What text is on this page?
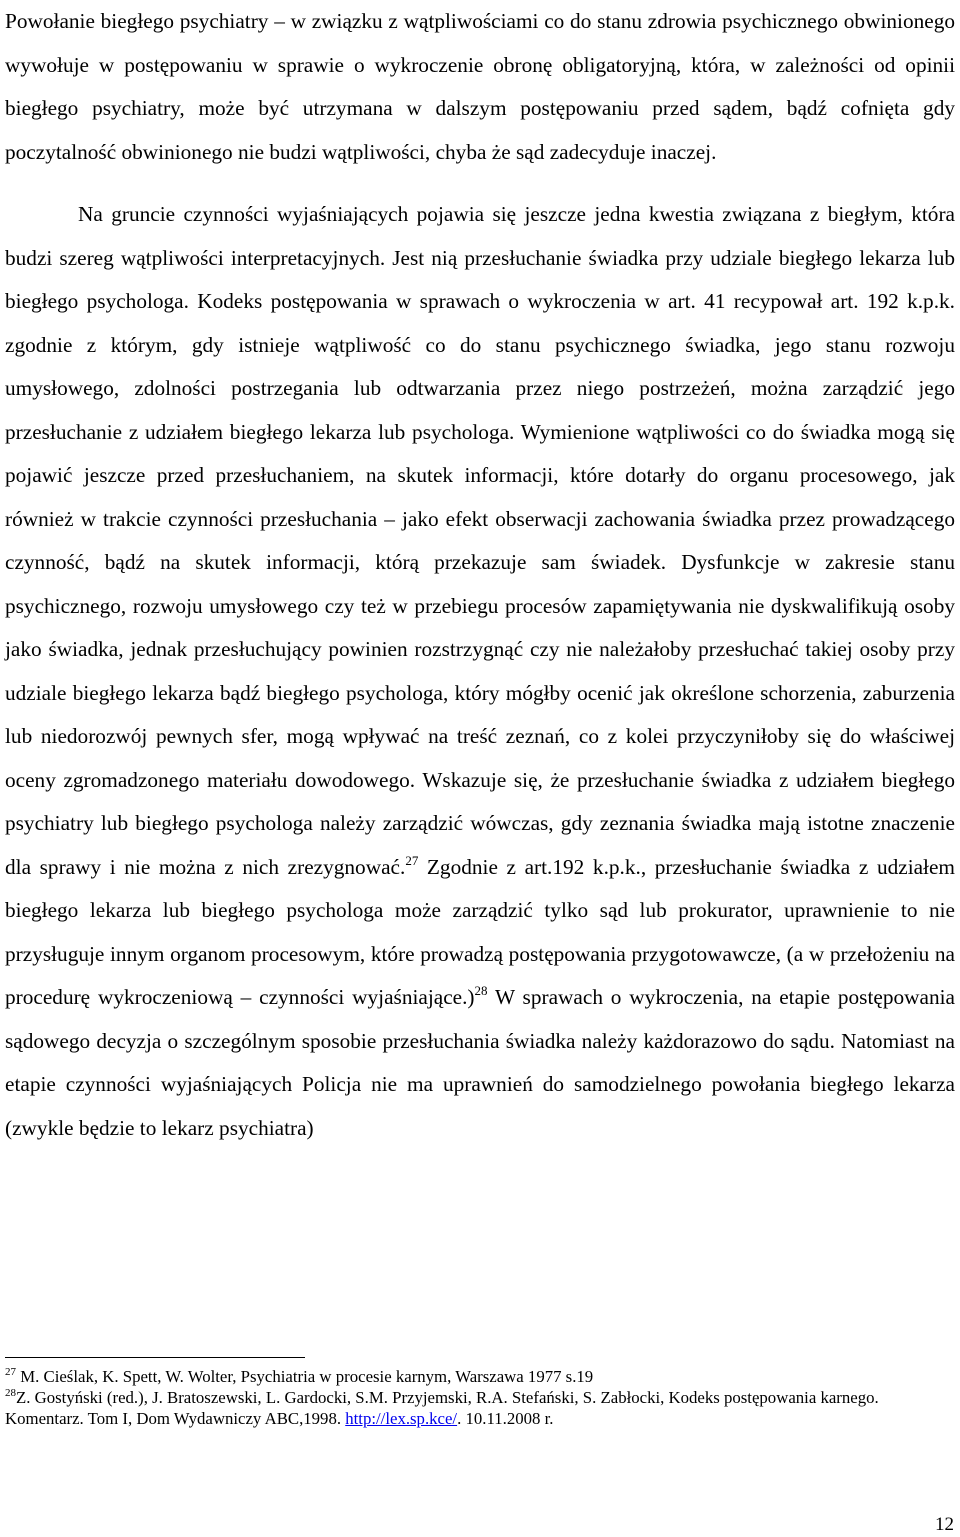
Powołanie biegłego psychiatry – w związku z wątpliwościami co do stanu zdrowia psychicznego obwinionego wywołuje w postępowaniu w sprawie o wykroczenie obronę obligatoryjną, która, w zależności od opinii biegłego psychiatry, może być utrzymana w dalszym postępowaniu przed sądem, bądź cofnięta gdy poczytalność obwinionego nie budzi wątpliwości, chyba że sąd zadecyduje inaczej.

Na gruncie czynności wyjaśniających pojawia się jeszcze jedna kwestia związana z biegłym, która budzi szereg wątpliwości interpretacyjnych. Jest nią przesłuchanie świadka przy udziale biegłego lekarza lub biegłego psychologa. Kodeks postępowania w sprawach o wykroczenia w art. 41 recypował art. 192 k.p.k. zgodnie z którym, gdy istnieje wątpliwość co do stanu psychicznego świadka, jego stanu rozwoju umysłowego, zdolności postrzegania lub odtwarzania przez niego postrzeżeń, można zarządzić jego przesłuchanie z udziałem biegłego lekarza lub psychologa. Wymienione wątpliwości co do świadka mogą się pojawić jeszcze przed przesłuchaniem, na skutek informacji, które dotarły do organu procesowego, jak również w trakcie czynności przesłuchania – jako efekt obserwacji zachowania świadka przez prowadzącego czynność, bądź na skutek informacji, którą przekazuje sam świadek. Dysfunkcje w zakresie stanu psychicznego, rozwoju umysłowego czy też w przebiegu procesów zapamiętywania nie dyskwalifikują osoby jako świadka, jednak przesłuchujący powinien rozstrzygnąć czy nie należałoby przesłuchać takiej osoby przy udziale biegłego lekarza bądź biegłego psychologa, który mógłby ocenić jak określone schorzenia, zaburzenia lub niedorozwój pewnych sfer, mogą wpływać na treść zeznań, co z kolei przyczyniłoby się do właściwej oceny zgromadzonego materiału dowodowego. Wskazuje się, że przesłuchanie świadka z udziałem biegłego psychiatry lub biegłego psychologa należy zarządzić wówczas, gdy zeznania świadka mają istotne znaczenie dla sprawy i nie można z nich zrezygnować.$^{27}$ Zgodnie z art.192 k.p.k., przesłuchanie świadka z udziałem biegłego lekarza lub biegłego psychologa może zarządzić tylko sąd lub prokurator, uprawnienie to nie przysługuje innym organom procesowym, które prowadzą postępowania przygotowawcze, (a w przełożeniu na procedurę wykroczeniową – czynności wyjaśniające.)$^{28}$ W sprawach o wykroczenia, na etapie postępowania sądowego decyzja o szczególnym sposobie przesłuchania świadka należy każdorazowo do sądu. Natomiast na etapie czynności wyjaśniających Policja nie ma uprawnień do samodzielnego powołania biegłego lekarza (zwykle będzie to lekarz psychiatra)

$^{27}$ M. Cieślak, K. Spett, W. Wolter, Psychiatria w procesie karnym, Warszawa 1977 s.19

$^{28}$Z. Gostyński (red.), J. Bratoszewski, L. Gardocki, S.M. Przyjemski, R.A. Stefański, S. Zabłocki, Kodeks postępowania karnego. Komentarz. Tom I, Dom Wydawniczy ABC,1998. http://lex.sp.kce/. 10.11.2008 r.

12
